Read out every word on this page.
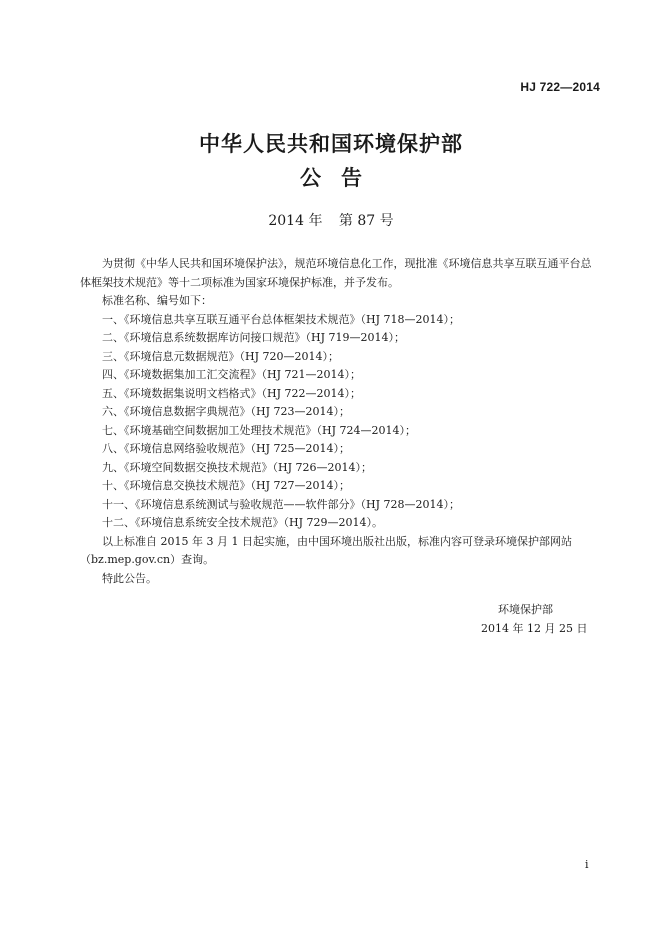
HJ 722—2014
中华人民共和国环境保护部
公告
2014 年 第 87 号

为贯彻《中华人民共和国环境保护法》，规范环境信息化工作，现批准《环境信息共享互联互通平台总体框架技术规范》等十二项标准为国家环境保护标准，并予发布。

标准名称、编号如下：

一、《环境信息共享互联互通平台总体框架技术规范》（HJ 718—2014）；

二、《环境信息系统数据库访问接口规范》（HJ 719—2014）；

三、《环境信息元数据规范》（HJ 720—2014）；

四、《环境数据集加工汇交流程》（HJ 721—2014）；

五、《环境数据集说明文档格式》（HJ 722—2014）；

六、《环境信息数据字典规范》（HJ 723—2014）；

七、《环境基础空间数据加工处理技术规范》（HJ 724—2014）；

八、《环境信息网络验收规范》（HJ 725—2014）；

九、《环境空间数据交换技术规范》（HJ 726—2014）；

十、《环境信息交换技术规范》（HJ 727—2014）；

十一、《环境信息系统测试与验收规范——软件部分》（HJ 728—2014）；

十二、《环境信息系统安全技术规范》（HJ 729—2014）。

以上标准自 2015 年 3 月 1 日起实施，由中国环境出版社出版，标准内容可登录环境保护部网站（bz.mep.gov.cn）查询。

特此公告。

环境保护部
2014 年 12 月 25 日
i
